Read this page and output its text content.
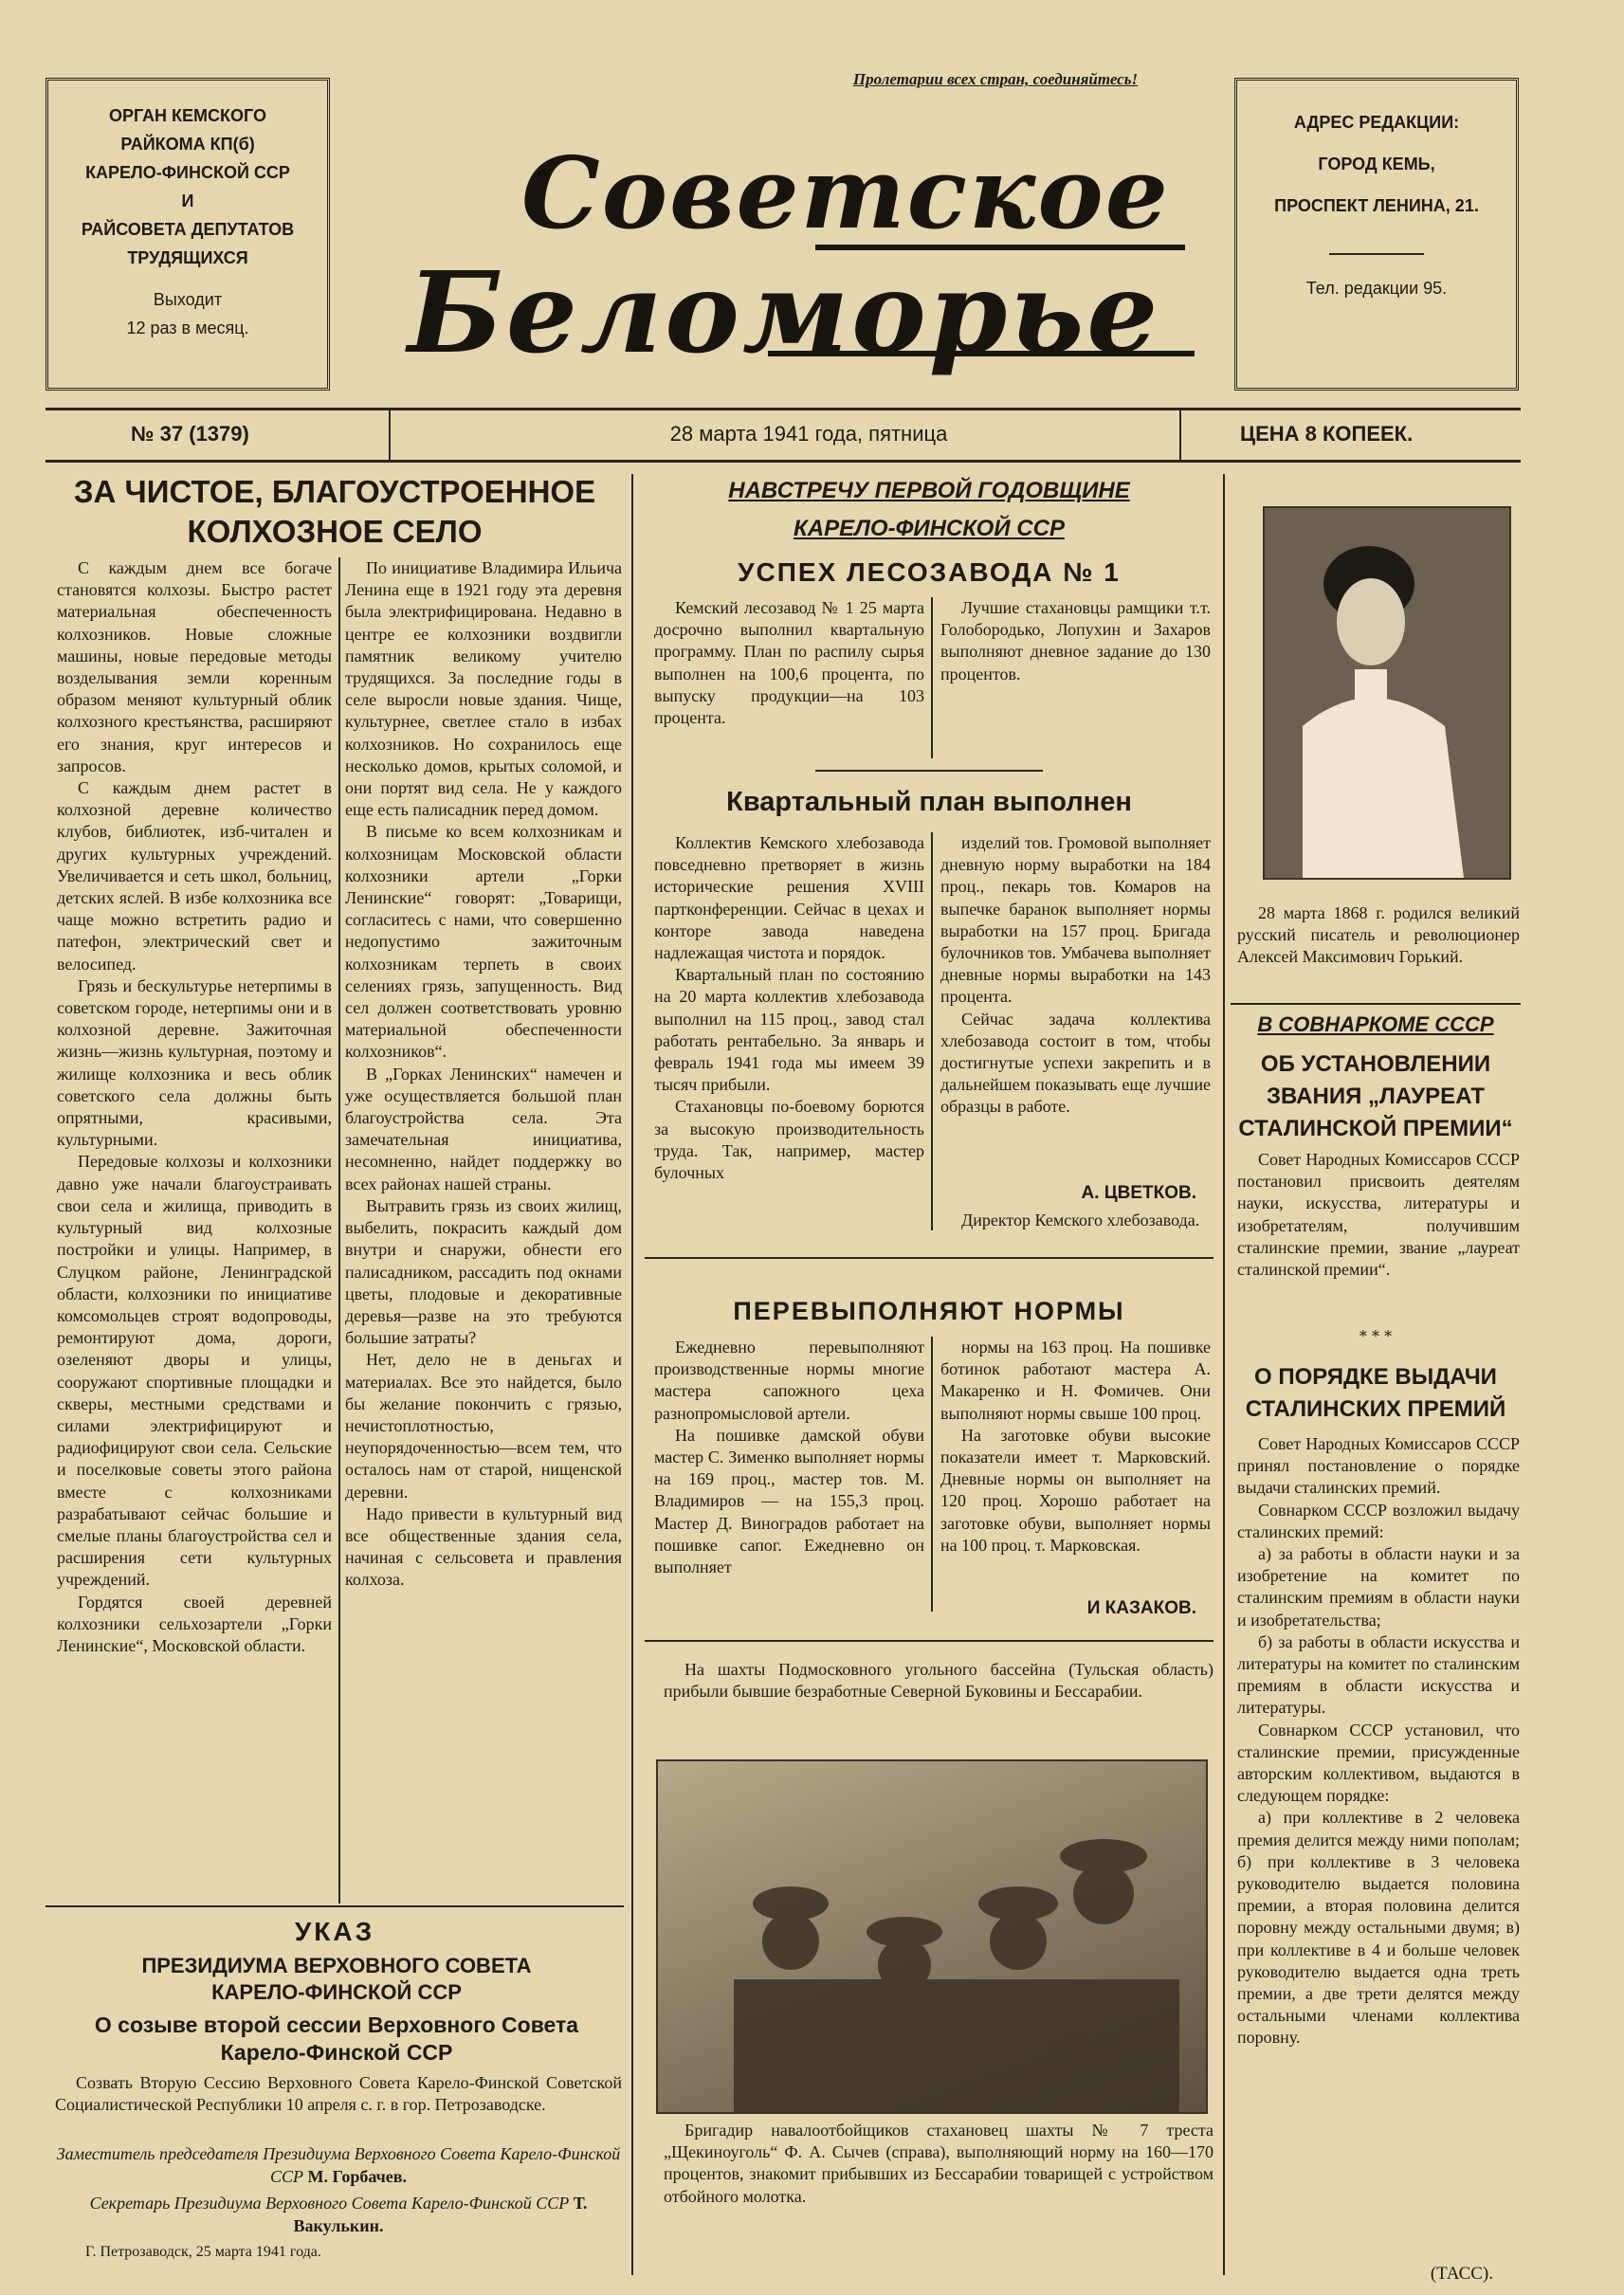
ОРГАН КЕМСКОГО
РАЙКОМА КП(б)
КАРЕЛО-ФИНСКОЙ ССР
И
РАЙСОВЕТА ДЕПУТАТОВ
ТРУДЯЩИХСЯ
Выходит
12 раз в месяц.
Пролетарии всех стран, соединяйтесь!
Советское
Беломорье
АДРЕС РЕДАКЦИИ:
ГОРОД КЕМЬ,
ПРОСПЕКТ ЛЕНИНА, 21.
Тел. редакции 95.
№ 37 (1379)	28 марта 1941 года, пятница	ЦЕНА 8 КОПЕЕК.
ЗА ЧИСТОЕ, БЛАГОУСТРОЕННОЕ КОЛХОЗНОЕ СЕЛО

С каждым днем все богаче становятся колхозы. Быстро растет материальная обеспеченность колхозников. Новые сложные машины, новые передовые методы возделывания земли коренным образом меняют культурный облик колхозного крестьянства, расширяют его знания, круг интересов и запросов.

С каждым днем растет в колхозной деревне количество клубов, библиотек, изб-читален и других культурных учреждений. Увеличивается и сеть школ, больниц, детских яслей. В избе колхозника все чаще можно встретить радио и патефон, электрический свет и велосипед.

Грязь и бескультурье нетерпимы в советском городе, нетерпимы они и в колхозной деревне. Зажиточная жизнь—жизнь культурная, поэтому и жилище колхозника и весь облик советского села должны быть опрятными, красивыми, культурными.

Передовые колхозы и колхозники давно уже начали благоустраивать свои села и жилища, приводить в культурный вид колхозные постройки и улицы. Например, в Слуцком районе, Ленинградской области, колхозники по инициативе комсомольцев строят водопроводы, ремонтируют дома, дороги, озеленяют дворы и улицы, сооружают спортивные площадки и скверы, местными средствами и силами электрифицируют и радиофицируют свои села. Сельские и поселковые советы этого района вместе с колхозниками разрабатывают сейчас большие и смелые планы благоустройства сел и расширения сети культурных учреждений.

Гордятся своей деревней колхозники сельхозартели „Горки Ленинские“, Московской области.

По инициативе Владимира Ильича Ленина еще в 1921 году эта деревня была электрифицирована. Недавно в центре ее колхозники воздвигли памятник великому учителю трудящихся. За последние годы в селе выросли новые здания. Чище, культурнее, светлее стало в избах колхозников. Но сохранилось еще несколько домов, крытых соломой, и они портят вид села. Не у каждого еще есть палисадник перед домом.

В письме ко всем колхозникам и колхозницам Московской области колхозники артели „Горки Ленинские“ говорят: „Товарищи, согласитесь с нами, что совершенно недопустимо зажиточным колхозникам терпеть в своих селениях грязь, запущенность. Вид сел должен соответствовать уровню материальной обеспеченности колхозников“.

В „Горках Ленинских“ намечен и уже осуществляется большой план благоустройства села. Эта замечательная инициатива, несомненно, найдет поддержку во всех районах нашей страны.

Вытравить грязь из своих жилищ, выбелить, покрасить каждый дом внутри и снаружи, обнести его палисадником, рассадить под окнами цветы, плодовые и декоративные деревья—разве на это требуются большие затраты?

Нет, дело не в деньгах и материалах. Все это найдется, было бы желание покончить с грязью, нечистоплотностью, неупорядоченностью—всем тем, что осталось нам от старой, нищенской деревни.

Надо привести в культурный вид все общественные здания села, начиная с сельсовета и правления колхоза.

УКАЗ
ПРЕЗИДИУМА ВЕРХОВНОГО СОВЕТА КАРЕЛО-ФИНСКОЙ ССР
О созыве второй сессии Верховного Совета Карело-Финской ССР

Созвать Вторую Сессию Верховного Совета Карело-Финской Советской Социалистической Республики 10 апреля с. г. в гор. Петрозаводске.

Заместитель председателя Президиума Верховного Совета Карело-Финской ССР М. Горбачев.
Секретарь Президиума Верховного Совета Карело-Финской ССР Т. Вакулькин.
Г. Петрозаводск, 25 марта 1941 года.
НАВСТРЕЧУ ПЕРВОЙ ГОДОВЩИНЕ
КАРЕЛО-ФИНСКОЙ ССР
УСПЕХ ЛЕСОЗАВОДА № 1

Кемский лесозавод № 1 25 марта досрочно выполнил квартальную программу. План по распилу сырья выполнен на 100,6 процента, по выпуску продукции—на 103 процента.

Лучшие стахановцы рамщики т.т. Голобородько, Лопухин и Захаров выполняют дневное задание до 130 процентов.

Квартальный план выполнен

Коллектив Кемского хлебозавода повседневно претворяет в жизнь исторические решения XVIII партконференции. Сейчас в цехах и конторе завода наведена надлежащая чистота и порядок.

Квартальный план по состоянию на 20 марта коллектив хлебозавода выполнил на 115 проц., завод стал работать рентабельно. За январь и февраль 1941 года мы имеем 39 тысяч прибыли.

Стахановцы по-боевому борются за высокую производительность труда. Так, например, мастер булочных

изделий тов. Громовой выполняет дневную норму выработки на 184 проц., пекарь тов. Комаров на выпечке баранок выполняет нормы выработки на 157 проц. Бригада булочников тов. Умбачева выполняет дневные нормы выработки на 143 процента.

Сейчас задача коллектива хлебозавода состоит в том, чтобы достигнутые успехи закрепить и в дальнейшем показывать еще лучшие образцы в работе.

А. ЦВЕТКОВ.

Директор Кемского хлебозавода.

ПЕРЕВЫПОЛНЯЮТ НОРМЫ

Ежедневно перевыполняют производственные нормы многие мастера сапожного цеха разнопромысловой артели.

На пошивке дамской обуви мастер С. Зименко выполняет нормы на 169 проц., мастер тов. М. Владимиров — на 155,3 проц. Мастер Д. Виноградов работает на пошивке сапог. Ежедневно он выполняет

нормы на 163 проц. На пошивке ботинок работают мастера А. Макаренко и Н. Фомичев. Они выполняют нормы свыше 100 проц.

На заготовке обуви высокие показатели имеет т. Марковский. Дневные нормы он выполняет на 120 проц. Хорошо работает на заготовке обуви, выполняет нормы на 100 проц. т. Марковская.

И КАЗАКОВ.

На шахты Подмосковного угольного бассейна (Тульская область) прибыли бывшие безработные Северной Буковины и Бессарабии.

Бригадир навалоотбойщиков стахановец шахты № 7 треста „Щекиноуголь“ Ф. А. Сычев (справа), выполняющий норму на 160—170 процентов, знакомит прибывших из Бессарабии товарищей с устройством отбойного молотка.

28 марта 1868 г. родился великий русский писатель и революционер Алексей Максимович Горький.

В СОВНАРКОМЕ СССР
ОБ УСТАНОВЛЕНИИ ЗВАНИЯ „ЛАУРЕАТ СТАЛИНСКОЙ ПРЕМИИ“

Совет Народных Комиссаров СССР постановил присвоить деятелям науки, искусства, литературы и изобретателям, получившим сталинские премии, звание „лауреат сталинской премии“.

* * *
О ПОРЯДКЕ ВЫДАЧИ СТАЛИНСКИХ ПРЕМИЙ

Совет Народных Комиссаров СССР принял постановление о порядке выдачи сталинских премий.

Совнарком СССР возложил выдачу сталинских премий:

а) за работы в области науки и за изобретение на комитет по сталинским премиям в области науки и изобретательства;

б) за работы в области искусства и литературы на комитет по сталинским премиям в области искусства и литературы.

Совнарком СССР установил, что сталинские премии, присужденные авторским коллективом, выдаются в следующем порядке:

а) при коллективе в 2 человека премия делится между ними пополам; б) при коллективе в 3 человека руководителю выдается половина премии, а вторая половина делится поровну между остальными двумя; в) при коллективе в 4 и больше человек руководителю выдается одна треть премии, а две трети делятся между остальными членами коллектива поровну.

(ТАСС).
